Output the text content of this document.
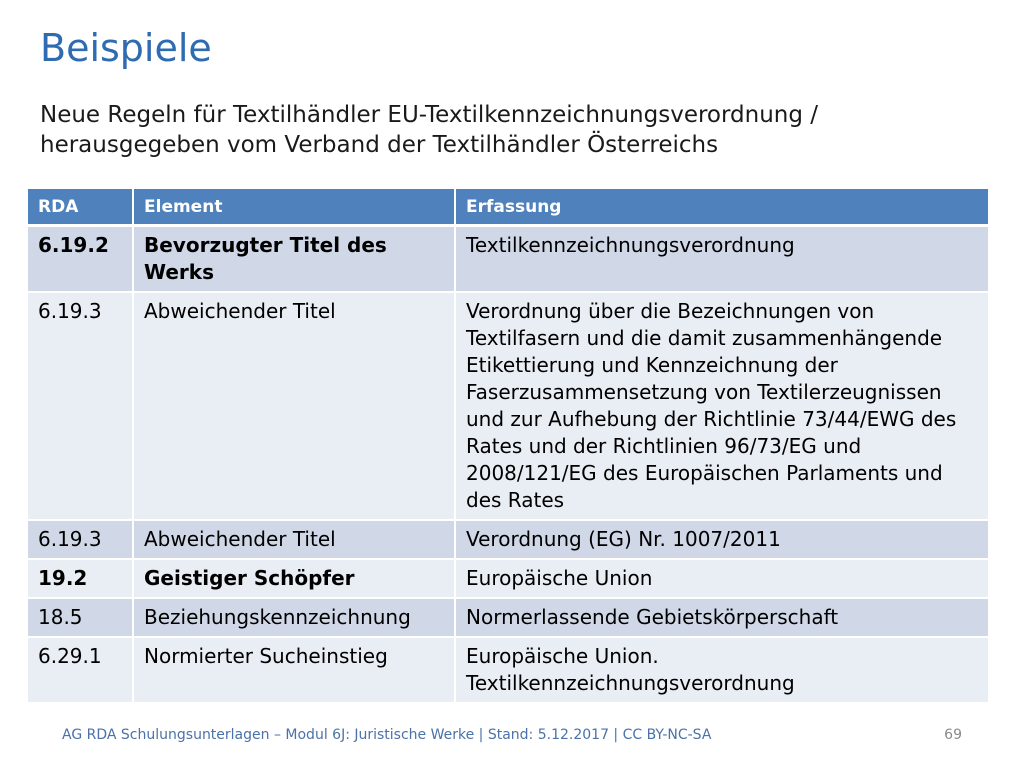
Beispiele

Neue Regeln für Textilhändler EU-Textilkennzeichnungsverordnung / herausgegeben vom Verband der Textilhändler Österreichs

RDA	Element	Erfassung
6.19.2	Bevorzugter Titel des Werks	Textilkennzeichnungsverordnung
6.19.3	Abweichender Titel	Verordnung über die Bezeichnungen von Textilfasern und die damit zusammenhängende Etikettierung und Kennzeichnung der Faserzusammensetzung von Textilerzeugnissen und zur Aufhebung der Richtlinie 73/44/EWG des Rates und der Richtlinien 96/73/EG und 2008/121/EG des Europäischen Parlaments und des Rates
6.19.3	Abweichender Titel	Verordnung (EG) Nr. 1007/2011
19.2	Geistiger Schöpfer	Europäische Union
18.5	Beziehungskennzeichnung	Normerlassende Gebietskörperschaft
6.29.1	Normierter Sucheinstieg	Europäische Union. Textilkennzeichnungsverordnung
AG RDA Schulungsunterlagen – Modul 6J: Juristische Werke | Stand: 5.12.2017 | CC BY-NC-SA	69
